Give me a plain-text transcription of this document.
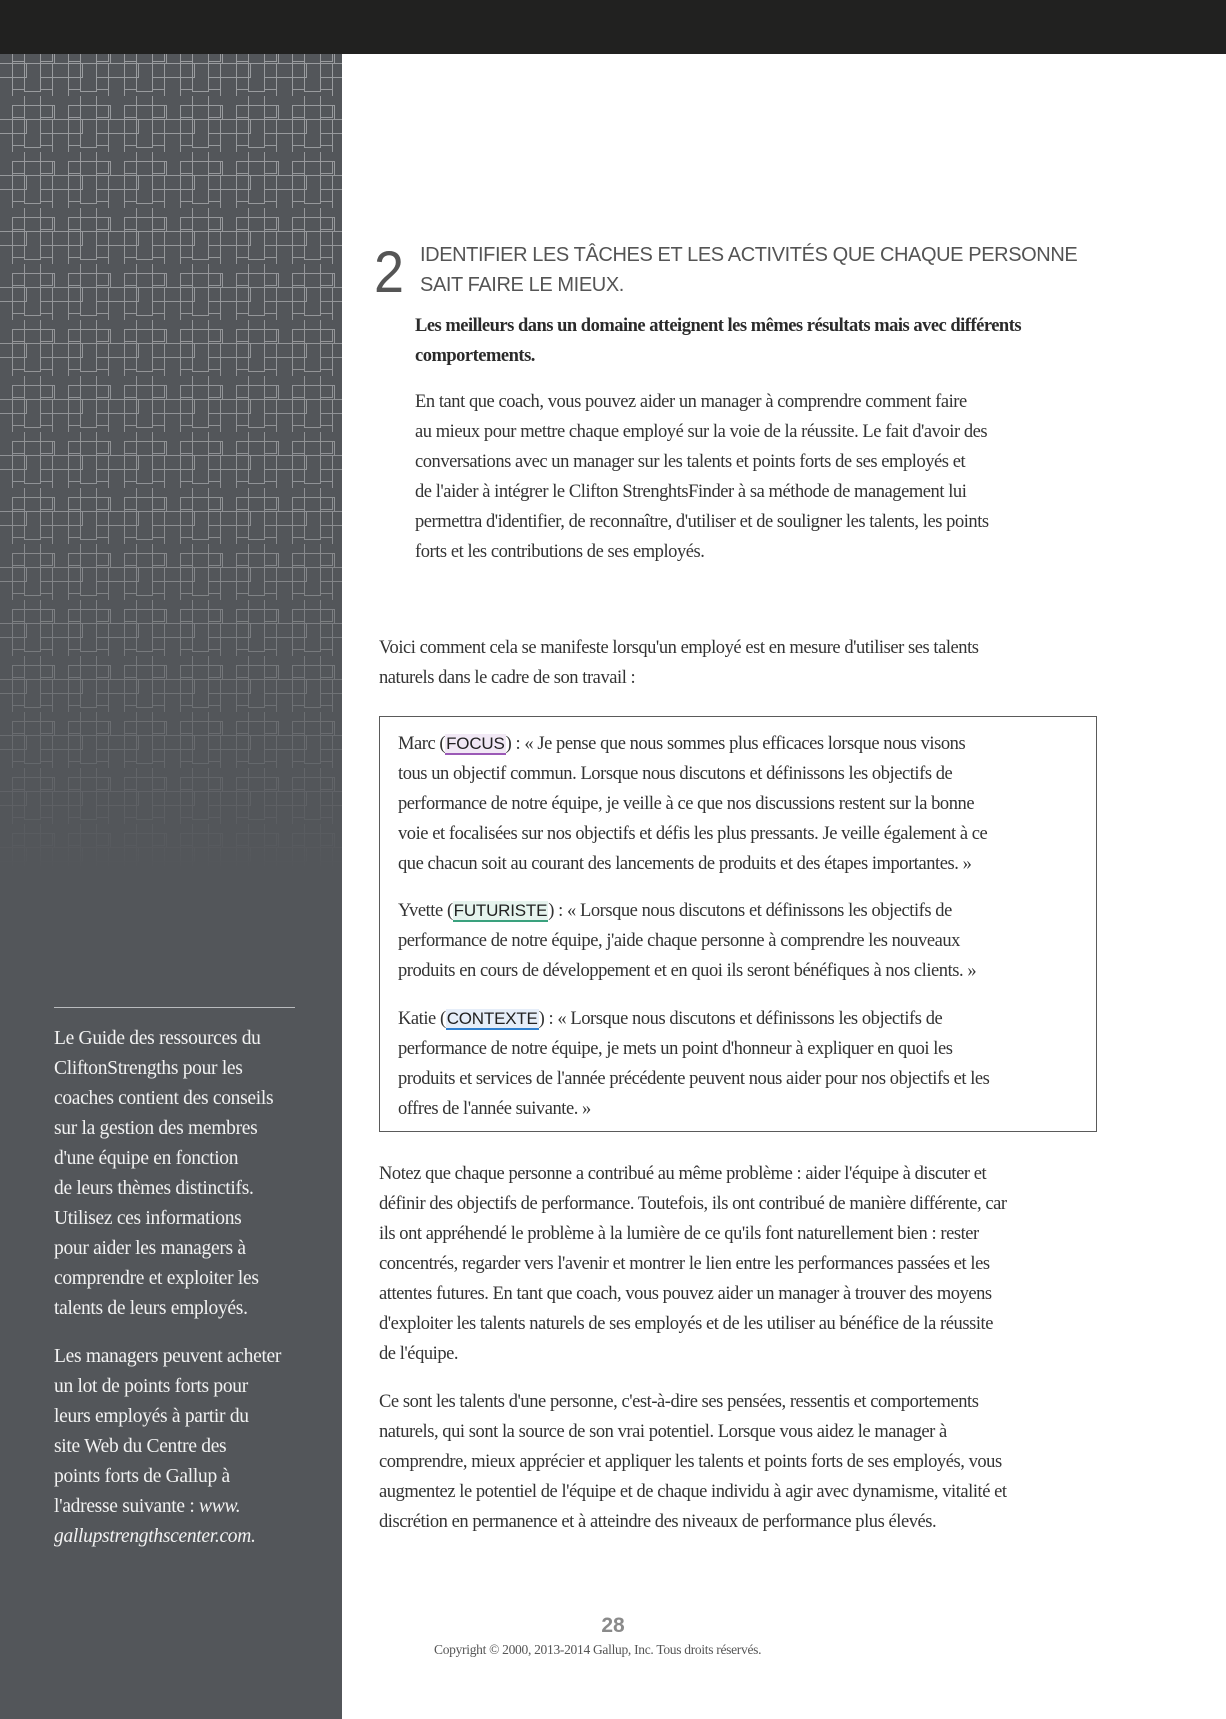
Le Guide des ressources du

CliftonStrengths pour les

coaches contient des conseils

sur la gestion des membres

d'une équipe en fonction

de leurs thèmes distinctifs.

Utilisez ces informations

pour aider les managers à

comprendre et exploiter les

talents de leurs employés.

Les managers peuvent acheter

un lot de points forts pour

leurs employés à partir du

site Web du Centre des

points forts de Gallup à

l'adresse suivante : www.

gallupstrengthscenter.com.

2 IDENTIFIER LES TÂCHES ET LES ACTIVITÉS QUE CHAQUE PERSONNE
SAIT FAIRE LE MIEUX.
Les meilleurs dans un domaine atteignent les mêmes résultats mais avec différents
comportements.

En tant que coach, vous pouvez aider un manager à comprendre comment faire

au mieux pour mettre chaque employé sur la voie de la réussite. Le fait d'avoir des

conversations avec un manager sur les talents et points forts de ses employés et

de l'aider à intégrer le Clifton StrenghtsFinder à sa méthode de management lui

permettra d'identifier, de reconnaître, d'utiliser et de souligner les talents, les points

forts et les contributions de ses employés.

Voici comment cela se manifeste lorsqu'un employé est en mesure d'utiliser ses talents

naturels dans le cadre de son travail :

Marc (FOCUS) : « Je pense que nous sommes plus efficaces lorsque nous visons
tous un objectif commun. Lorsque nous discutons et définissons les objectifs de
performance de notre équipe, je veille à ce que nos discussions restent sur la bonne
voie et focalisées sur nos objectifs et défis les plus pressants. Je veille également à ce
que chacun soit au courant des lancements de produits et des étapes importantes. »
Yvette (FUTURISTE) : « Lorsque nous discutons et définissons les objectifs de
performance de notre équipe, j'aide chaque personne à comprendre les nouveaux
produits en cours de développement et en quoi ils seront bénéfiques à nos clients. »
Katie (CONTEXTE) : « Lorsque nous discutons et définissons les objectifs de
performance de notre équipe, je mets un point d'honneur à expliquer en quoi les
produits et services de l'année précédente peuvent nous aider pour nos objectifs et les
offres de l'année suivante. »

Notez que chaque personne a contribué au même problème : aider l'équipe à discuter et

définir des objectifs de performance. Toutefois, ils ont contribué de manière différente, car

ils ont appréhendé le problème à la lumière de ce qu'ils font naturellement bien : rester

concentrés, regarder vers l'avenir et montrer le lien entre les performances passées et les

attentes futures. En tant que coach, vous pouvez aider un manager à trouver des moyens

d'exploiter les talents naturels de ses employés et de les utiliser au bénéfice de la réussite

de l'équipe.

Ce sont les talents d'une personne, c'est-à-dire ses pensées, ressentis et comportements

naturels, qui sont la source de son vrai potentiel. Lorsque vous aidez le manager à

comprendre, mieux apprécier et appliquer les talents et points forts de ses employés, vous

augmentez le potentiel de l'équipe et de chaque individu à agir avec dynamisme, vitalité et

discrétion en permanence et à atteindre des niveaux de performance plus élevés.

28
Copyright © 2000, 2013-2014 Gallup, Inc. Tous droits réservés.
